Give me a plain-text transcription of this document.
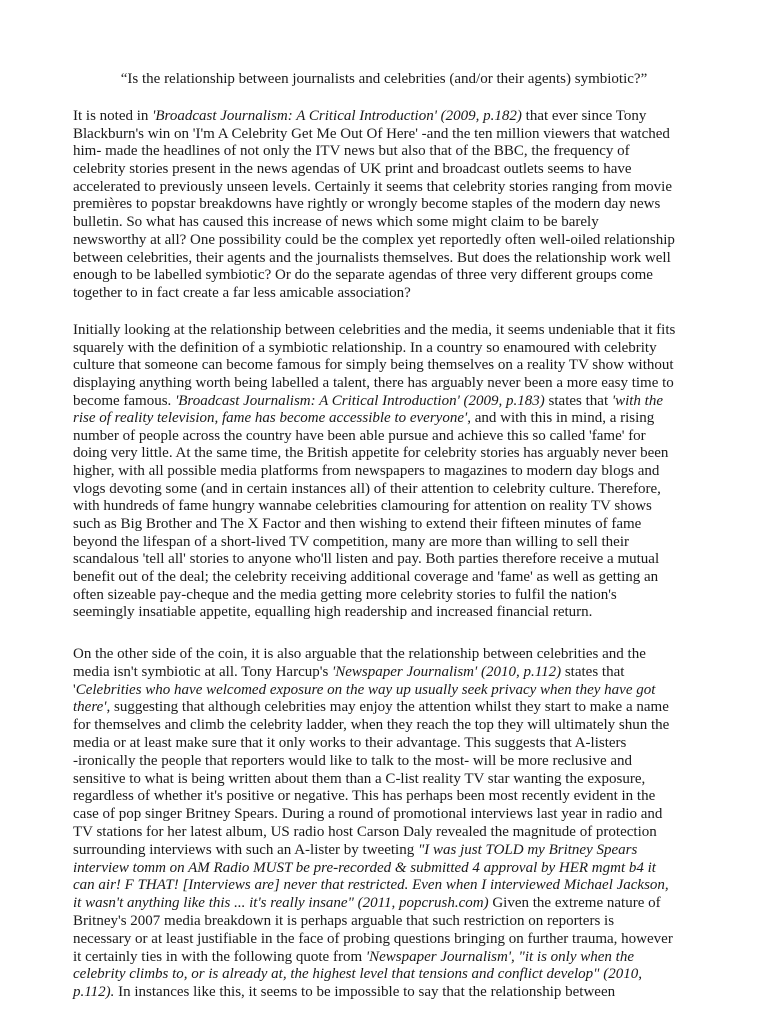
“Is the relationship between journalists and celebrities (and/or their agents) symbiotic?”
It is noted in 'Broadcast Journalism: A Critical Introduction' (2009, p.182) that ever since Tony
Blackburn's win on 'I'm A Celebrity Get Me Out Of Here' -and the ten million viewers that watched
him- made the headlines of not only the ITV news but also that of the BBC, the frequency of
celebrity stories present in the news agendas of UK print and broadcast outlets seems to have
accelerated to previously unseen levels. Certainly it seems that celebrity stories ranging from movie
premières to popstar breakdowns have rightly or wrongly become staples of the modern day news
bulletin. So what has caused this increase of news which some might claim to be barely
newsworthy at all? One possibility could be the complex yet reportedly often well-oiled relationship
between celebrities, their agents and the journalists themselves. But does the relationship work well
enough to be labelled symbiotic? Or do the separate agendas of three very different groups come
together to in fact create a far less amicable association?
Initially looking at the relationship between celebrities and the media, it seems undeniable that it fits
squarely with the definition of a symbiotic relationship. In a country so enamoured with celebrity
culture that someone can become famous for simply being themselves on a reality TV show without
displaying anything worth being labelled a talent, there has arguably never been a more easy time to
become famous. 'Broadcast Journalism: A Critical Introduction' (2009, p.183) states that 'with the
rise of reality television, fame has become accessible to everyone', and with this in mind, a rising
number of people across the country have been able pursue and achieve this so called 'fame' for
doing very little. At the same time, the British appetite for celebrity stories has arguably never been
higher, with all possible media platforms from newspapers to magazines to modern day blogs and
vlogs devoting some (and in certain instances all) of their attention to celebrity culture. Therefore,
with hundreds of fame hungry wannabe celebrities clamouring for attention on reality TV shows
such as Big Brother and The X Factor and then wishing to extend their fifteen minutes of fame
beyond the lifespan of a short-lived TV competition, many are more than willing to sell their
scandalous 'tell all' stories to anyone who'll listen and pay. Both parties therefore receive a mutual
benefit out of the deal; the celebrity receiving additional coverage and 'fame' as well as getting an
often sizeable pay-cheque and the media getting more celebrity stories to fulfil the nation's
seemingly insatiable appetite, equalling high readership and increased financial return.
On the other side of the coin, it is also arguable that the relationship between celebrities and the
media isn't symbiotic at all. Tony Harcup's 'Newspaper Journalism' (2010, p.112) states that
'Celebrities who have welcomed exposure on the way up usually seek privacy when they have got
there', suggesting that although celebrities may enjoy the attention whilst they start to make a name
for themselves and climb the celebrity ladder, when they reach the top they will ultimately shun the
media or at least make sure that it only works to their advantage. This suggests that A-listers
-ironically the people that reporters would like to talk to the most- will be more reclusive and
sensitive to what is being written about them than a C-list reality TV star wanting the exposure,
regardless of whether it's positive or negative. This has perhaps been most recently evident in the
case of pop singer Britney Spears. During a round of promotional interviews last year in radio and
TV stations for her latest album, US radio host Carson Daly revealed the magnitude of protection
surrounding interviews with such an A-lister by tweeting "I was just TOLD my Britney Spears
interview tomm on AM Radio MUST be pre-recorded & submitted 4 approval by HER mgmt b4 it
can air! F THAT! [Interviews are] never that restricted. Even when I interviewed Michael Jackson,
it wasn't anything like this ... it's really insane" (2011, popcrush.com) Given the extreme nature of
Britney's 2007 media breakdown it is perhaps arguable that such restriction on reporters is
necessary or at least justifiable in the face of probing questions bringing on further trauma, however
it certainly ties in with the following quote from 'Newspaper Journalism', "it is only when the
celebrity climbs to, or is already at, the highest level that tensions and conflict develop" (2010,
p.112). In instances like this, it seems to be impossible to say that the relationship between
